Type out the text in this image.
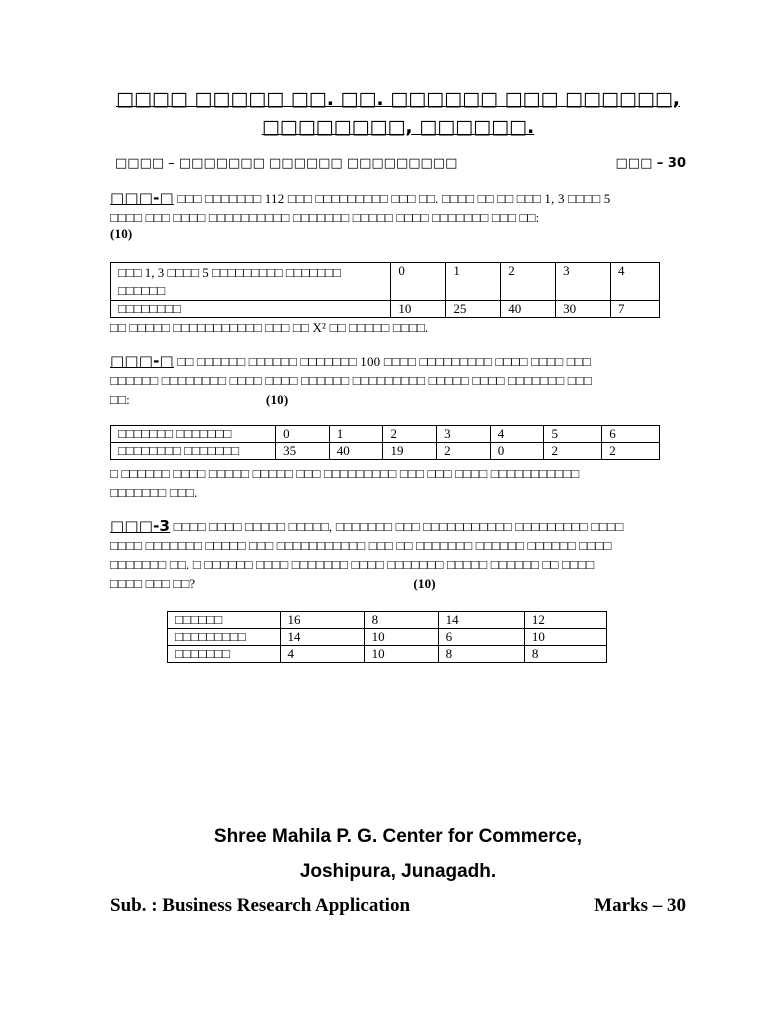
□□□□ □□□□□ □□. □□. □□□□□□ □□□ □□□□□□,
□□□□□□□□, □□□□□□.
□□□□ – □□□□□□□ □□□□□□ □□□□□□□□□	□□□ – 30
□□□-□ □□□ □□□□□□□ 112 □□□ □□□□□□□□□ □□□ □□. □□□□ □□ □□ □□□ 1, 3 □□□□ 5
□□□□ □□□ □□□□ □□□□□□□□□□ □□□□□□□ □□□□□ □□□□ □□□□□□□ □□□ □□:
(10)
□□□ 1, 3 □□□□ 5 □□□□□□□□□ □□□□□□□ □□□□□□	0	1	2	3	4
□□□□□□□□	10	25	40	30	7
□□ □□□□□ □□□□□□□□□□□ □□□ □□ X² □□ □□□□□ □□□□.
□□□-□ □□ □□□□□□ □□□□□□ □□□□□□□ 100 □□□□ □□□□□□□□□ □□□□ □□□□ □□□
□□□□□□ □□□□□□□□ □□□□ □□□□ □□□□□□ □□□□□□□□□ □□□□□ □□□□ □□□□□□□ □□□
□□:	(10)
□□□□□□□ □□□□□□□	0	1	2	3	4	5	6
□□□□□□□□ □□□□□□□	35	40	19	2	0	2	2
□ □□□□□□ □□□□ □□□□□ □□□□□ □□□ □□□□□□□□□ □□□ □□□ □□□□ □□□□□□□□□□□
□□□□□□□ □□□.
□□□-3 □□□□ □□□□ □□□□□ □□□□□, □□□□□□□ □□□ □□□□□□□□□□□ □□□□□□□□□ □□□□
□□□□ □□□□□□□ □□□□□ □□□ □□□□□□□□□□□ □□□ □□ □□□□□□□ □□□□□□ □□□□□□ □□□□
□□□□□□□ □□. □ □□□□□□ □□□□ □□□□□□□ □□□□ □□□□□□□ □□□□□ □□□□□□ □□ □□□□
□□□□ □□□ □□?	(10)
□□□□□□	16	8	14	12
□□□□□□□□□	14	10	6	10
□□□□□□□	4	10	8	8
Shree Mahila P. G. Center for Commerce,
Joshipura, Junagadh.
Sub. : Business Research Application	Marks – 30
